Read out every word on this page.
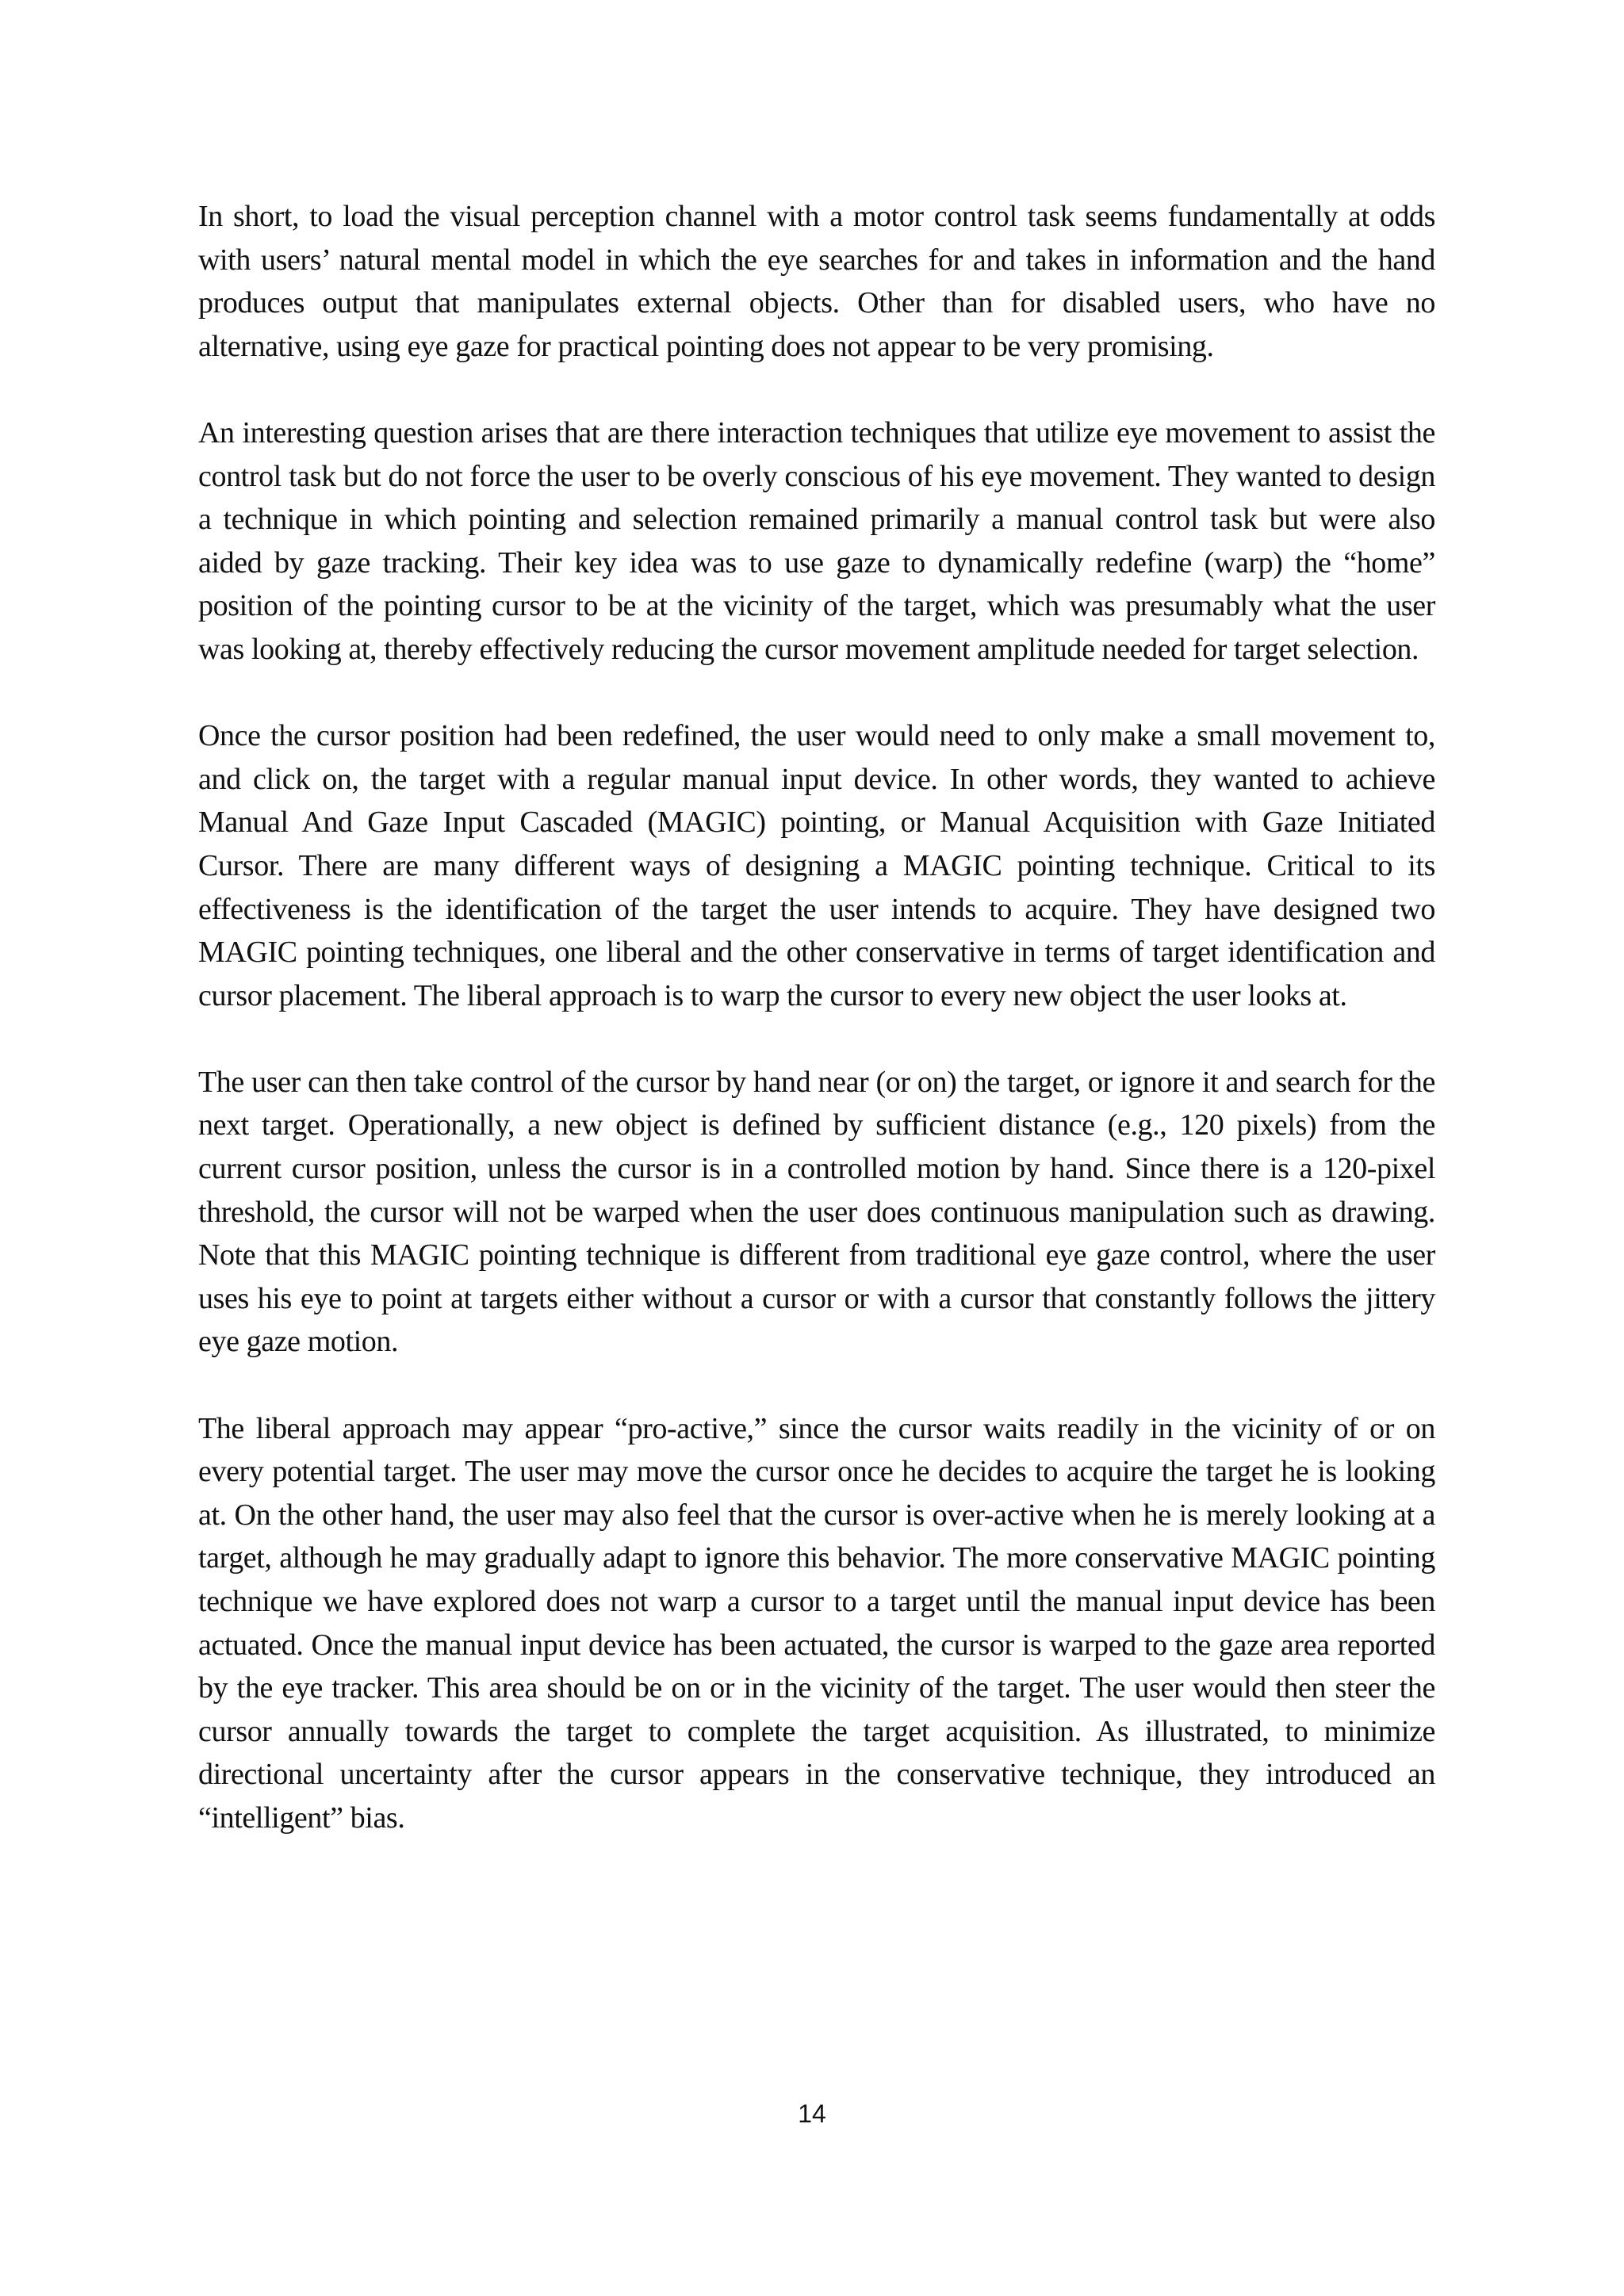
In short, to load the visual perception channel with a motor control task seems fundamentally at odds with users’ natural mental model in which the eye searches for and takes in information and the hand produces output that manipulates external objects. Other than for disabled users, who have no alternative, using eye gaze for practical pointing does not appear to be very promising.

An interesting question arises that are there interaction techniques that utilize eye movement to assist the control task but do not force the user to be overly conscious of his eye movement. They wanted to design a technique in which pointing and selection remained primarily a manual control task but were also aided by gaze tracking. Their key idea was to use gaze to dynamically redefine (warp) the “home” position of the pointing cursor to be at the vicinity of the target, which was presumably what the user was looking at, thereby effectively reducing the cursor movement amplitude needed for target selection.

Once the cursor position had been redefined, the user would need to only make a small movement to, and click on, the target with a regular manual input device. In other words, they wanted to achieve Manual And Gaze Input Cascaded (MAGIC) pointing, or Manual Acquisition with Gaze Initiated Cursor. There are many different ways of designing a MAGIC pointing technique. Critical to its effectiveness is the identification of the target the user intends to acquire. They have designed two MAGIC pointing techniques, one liberal and the other conservative in terms of target identification and cursor placement. The liberal approach is to warp the cursor to every new object the user looks at.

The user can then take control of the cursor by hand near (or on) the target, or ignore it and search for the next target. Operationally, a new object is defined by sufficient distance (e.g., 120 pixels) from the current cursor position, unless the cursor is in a controlled motion by hand. Since there is a 120-pixel threshold, the cursor will not be warped when the user does continuous manipulation such as drawing. Note that this MAGIC pointing technique is different from traditional eye gaze control, where the user uses his eye to point at targets either without a cursor or with a cursor that constantly follows the jittery eye gaze motion.

The liberal approach may appear “pro-active,” since the cursor waits readily in the vicinity of or on every potential target. The user may move the cursor once he decides to acquire the target he is looking at. On the other hand, the user may also feel that the cursor is over-active when he is merely looking at a target, although he may gradually adapt to ignore this behavior. The more conservative MAGIC pointing technique we have explored does not warp a cursor to a target until the manual input device has been actuated. Once the manual input device has been actuated, the cursor is warped to the gaze area reported by the eye tracker. This area should be on or in the vicinity of the target. The user would then steer the cursor annually towards the target to complete the target acquisition. As illustrated, to minimize directional uncertainty after the cursor appears in the conservative technique, they introduced an “intelligent” bias.

14
